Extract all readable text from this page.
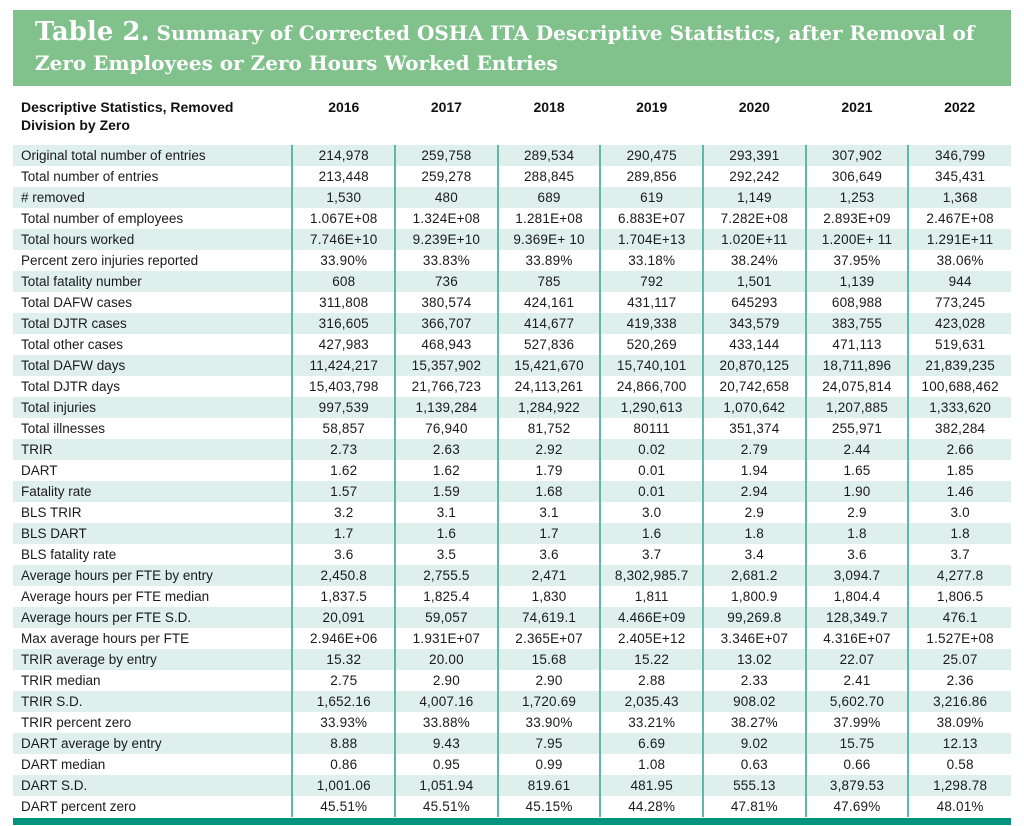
Table 2. Summary of Corrected OSHA ITA Descriptive Statistics, after Removal of Zero Employees or Zero Hours Worked Entries
Descriptive Statistics, Removed Division by Zero	2016	2017	2018	2019	2020	2021	2022
Original total number of entries	214,978	259,758	289,534	290,475	293,391	307,902	346,799
Total number of entries	213,448	259,278	288,845	289,856	292,242	306,649	345,431
# removed	1,530	480	689	619	1,149	1,253	1,368
Total number of employees	1.067E+08	1.324E+08	1.281E+08	6.883E+07	7.282E+08	2.893E+09	2.467E+08
Total hours worked	7.746E+10	9.239E+10	9.369E+ 10	1.704E+13	1.020E+11	1.200E+ 11	1.291E+11
Percent zero injuries reported	33.90%	33.83%	33.89%	33.18%	38.24%	37.95%	38.06%
Total fatality number	608	736	785	792	1,501	1,139	944
Total DAFW cases	311,808	380,574	424,161	431,117	645293	608,988	773,245
Total DJTR cases	316,605	366,707	414,677	419,338	343,579	383,755	423,028
Total other cases	427,983	468,943	527,836	520,269	433,144	471,113	519,631
Total DAFW days	11,424,217	15,357,902	15,421,670	15,740,101	20,870,125	18,711,896	21,839,235
Total DJTR days	15,403,798	21,766,723	24,113,261	24,866,700	20,742,658	24,075,814	100,688,462
Total injuries	997,539	1,139,284	1,284,922	1,290,613	1,070,642	1,207,885	1,333,620
Total illnesses	58,857	76,940	81,752	80111	351,374	255,971	382,284
TRIR	2.73	2.63	2.92	0.02	2.79	2.44	2.66
DART	1.62	1.62	1.79	0.01	1.94	1.65	1.85
Fatality rate	1.57	1.59	1.68	0.01	2.94	1.90	1.46
BLS TRIR	3.2	3.1	3.1	3.0	2.9	2.9	3.0
BLS DART	1.7	1.6	1.7	1.6	1.8	1.8	1.8
BLS fatality rate	3.6	3.5	3.6	3.7	3.4	3.6	3.7
Average hours per FTE by entry	2,450.8	2,755.5	2,471	8,302,985.7	2,681.2	3,094.7	4,277.8
Average hours per FTE median	1,837.5	1,825.4	1,830	1,811	1,800.9	1,804.4	1,806.5
Average hours per FTE S.D.	20,091	59,057	74,619.1	4.466E+09	99,269.8	128,349.7	476.1
Max average hours per FTE	2.946E+06	1.931E+07	2.365E+07	2.405E+12	3.346E+07	4.316E+07	1.527E+08
TRIR average by entry	15.32	20.00	15.68	15.22	13.02	22.07	25.07
TRIR median	2.75	2.90	2.90	2.88	2.33	2.41	2.36
TRIR S.D.	1,652.16	4,007.16	1,720.69	2,035.43	908.02	5,602.70	3,216.86
TRIR percent zero	33.93%	33.88%	33.90%	33.21%	38.27%	37.99%	38.09%
DART average by entry	8.88	9.43	7.95	6.69	9.02	15.75	12.13
DART median	0.86	0.95	0.99	1.08	0.63	0.66	0.58
DART S.D.	1,001.06	1,051.94	819.61	481.95	555.13	3,879.53	1,298.78
DART percent zero	45.51%	45.51%	45.15%	44.28%	47.81%	47.69%	48.01%
